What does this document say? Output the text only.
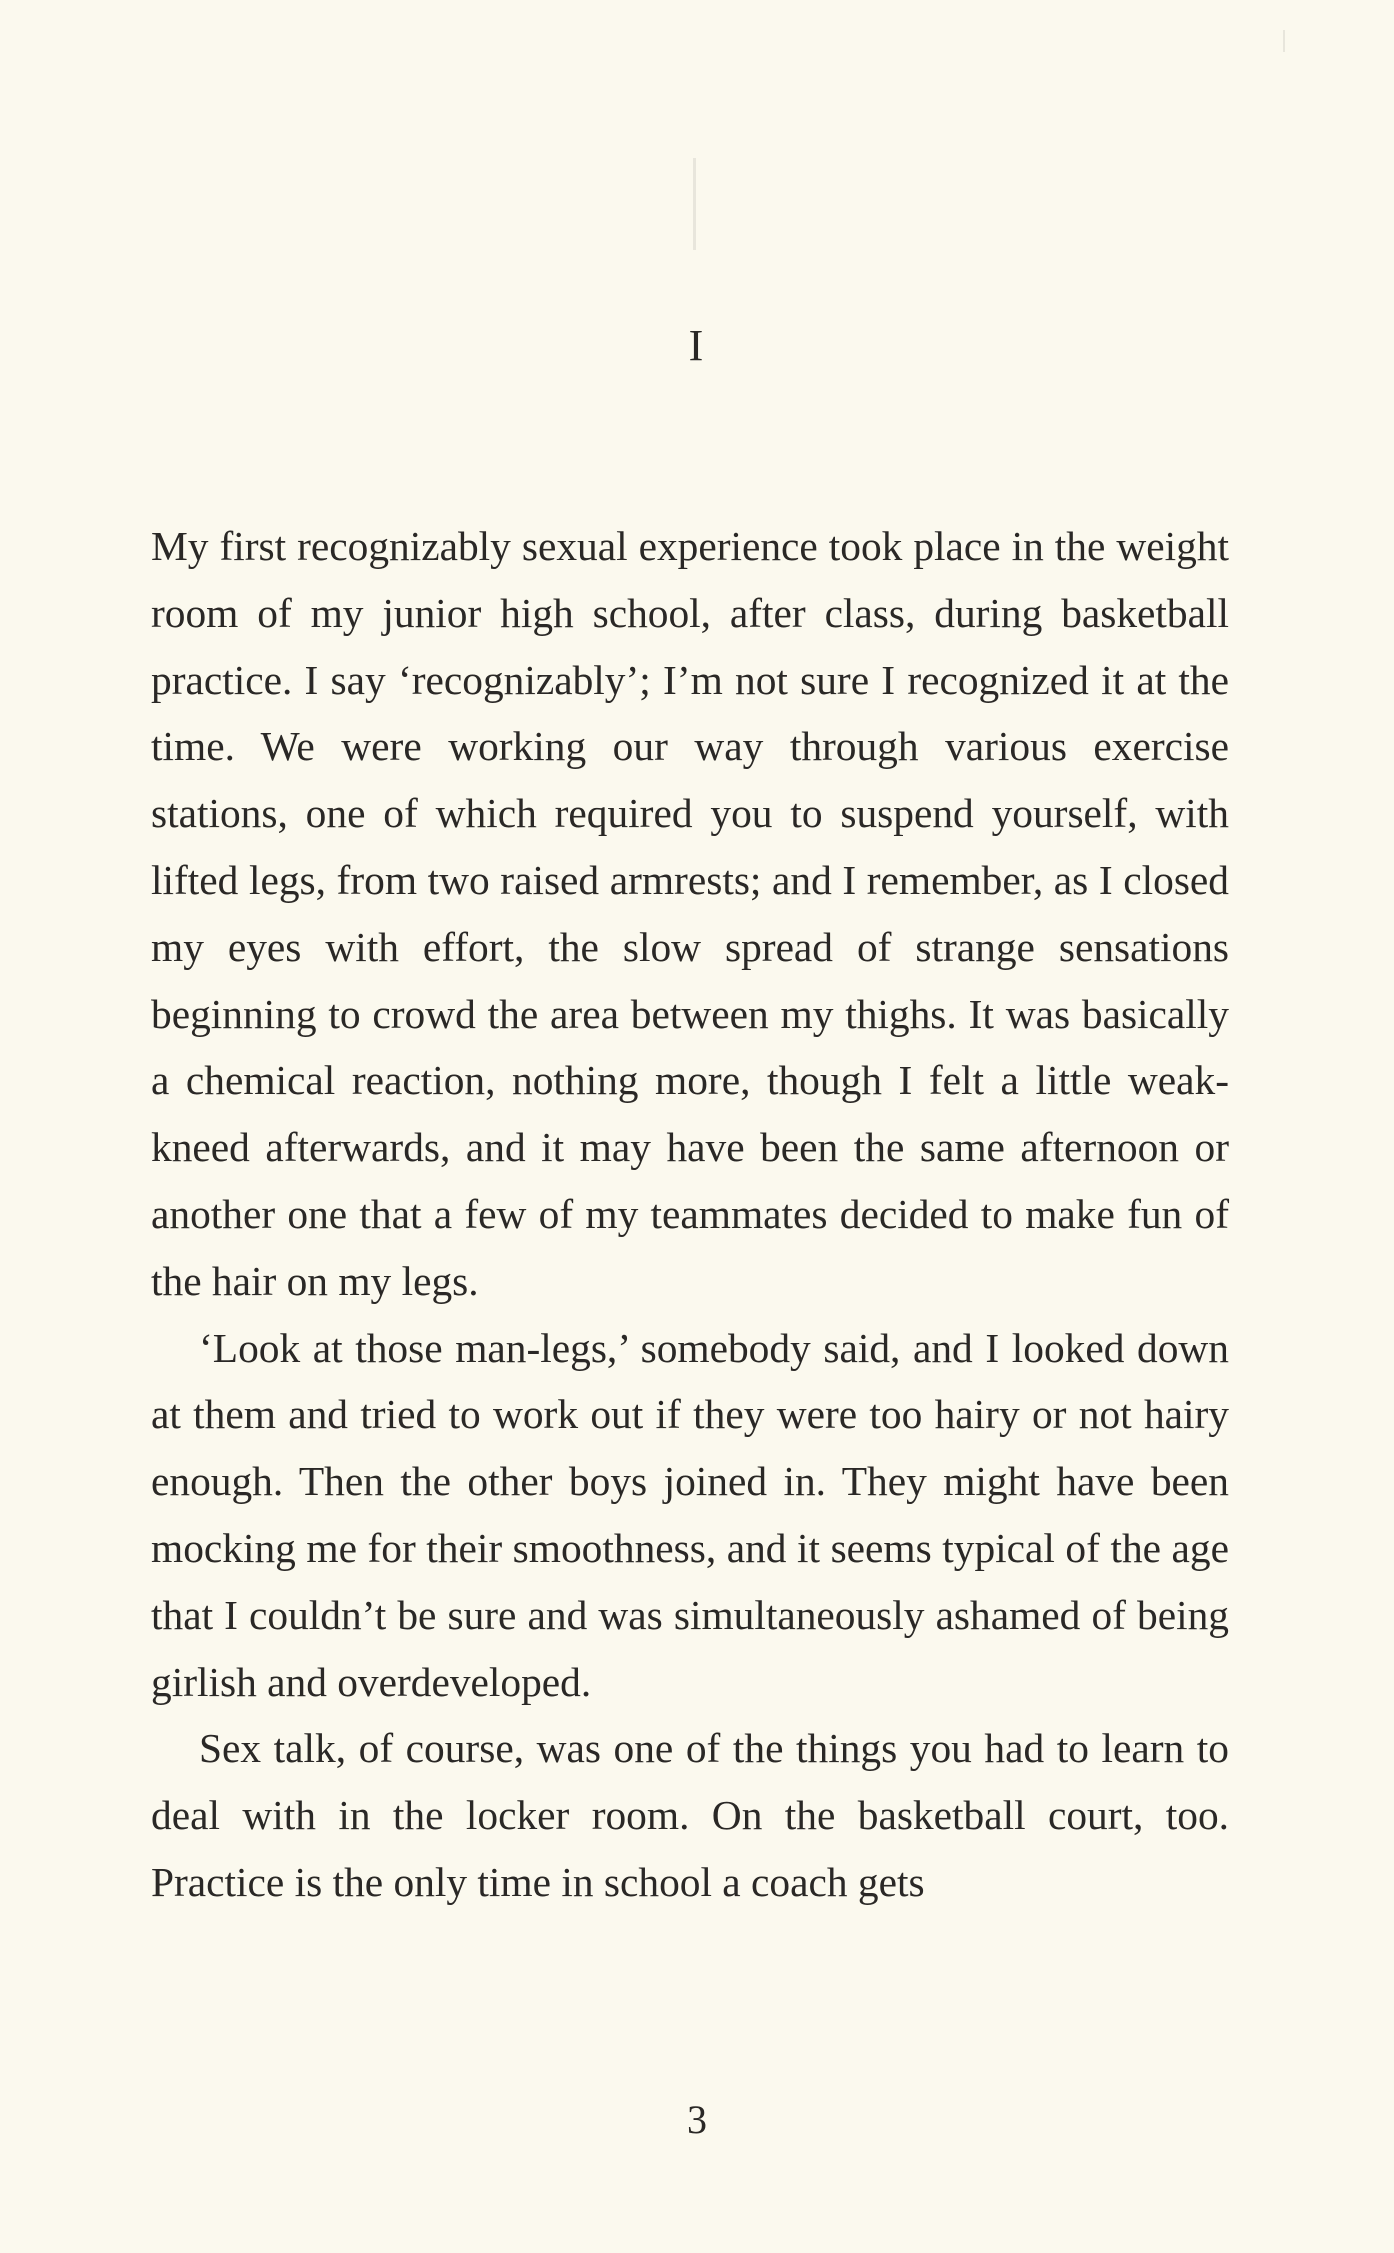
I

My first recognizably sexual experience took place in the weight room of my junior high school, after class, during basketball practice. I say ‘recognizably’; I’m not sure I recognized it at the time. We were working our way through various exercise stations, one of which required you to suspend yourself, with lifted legs, from two raised armrests; and I remember, as I closed my eyes with effort, the slow spread of strange sensations beginning to crowd the area between my thighs. It was basically a chemical reaction, nothing more, though I felt a little weak-kneed afterwards, and it may have been the same afternoon or another one that a few of my teammates decided to make fun of the hair on my legs.

‘Look at those man-legs,’ somebody said, and I looked down at them and tried to work out if they were too hairy or not hairy enough. Then the other boys joined in. They might have been mocking me for their smoothness, and it seems typical of the age that I couldn’t be sure and was simultaneously ashamed of being girlish and overdeveloped.

Sex talk, of course, was one of the things you had to learn to deal with in the locker room. On the basketball court, too. Practice is the only time in school a coach gets

3
